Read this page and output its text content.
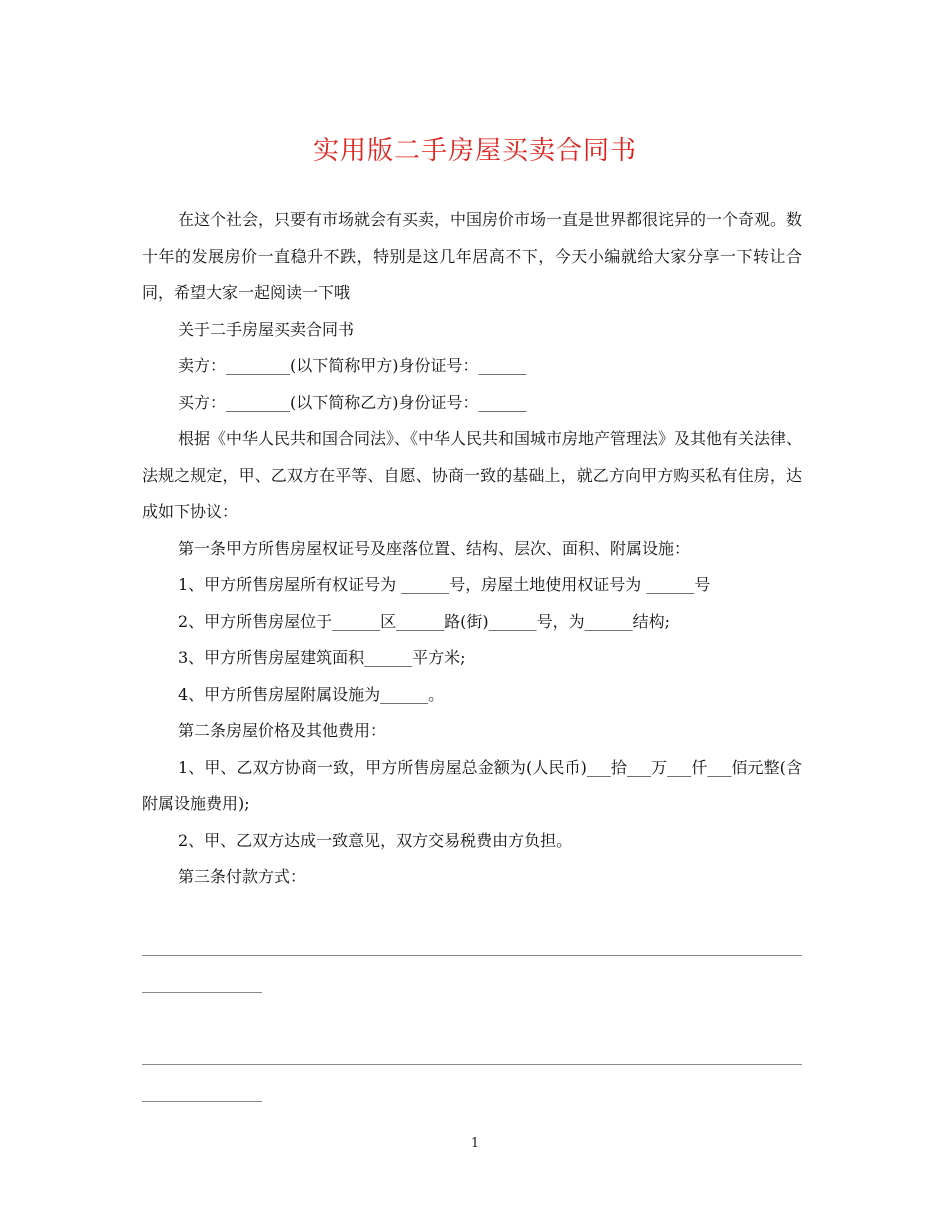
实用版二手房屋买卖合同书

在这个社会，只要有市场就会有买卖，中国房价市场一直是世界都很诧异的一个奇观。数十年的发展房价一直稳升不跌，特别是这几年居高不下，今天小编就给大家分享一下转让合同，希望大家一起阅读一下哦

关于二手房屋买卖合同书

卖方：________(以下简称甲方)身份证号：______

买方：________(以下简称乙方)身份证号：______

根据《中华人民共和国合同法》、《中华人民共和国城市房地产管理法》及其他有关法律、法规之规定，甲、乙双方在平等、自愿、协商一致的基础上，就乙方向甲方购买私有住房，达成如下协议：

第一条甲方所售房屋权证号及座落位置、结构、层次、面积、附属设施：

1、甲方所售房屋所有权证号为 ______号，房屋土地使用权证号为 ______号

2、甲方所售房屋位于______区______路(街)______号，为______结构;

3、甲方所售房屋建筑面积______平方米;

4、甲方所售房屋附属设施为______。

第二条房屋价格及其他费用：

1、甲、乙双方协商一致，甲方所售房屋总金额为(人民币)___拾___万___仟___佰元整(含附属设施费用);

2、甲、乙双方达成一致意见，双方交易税费由方负担。

第三条付款方式：

1
